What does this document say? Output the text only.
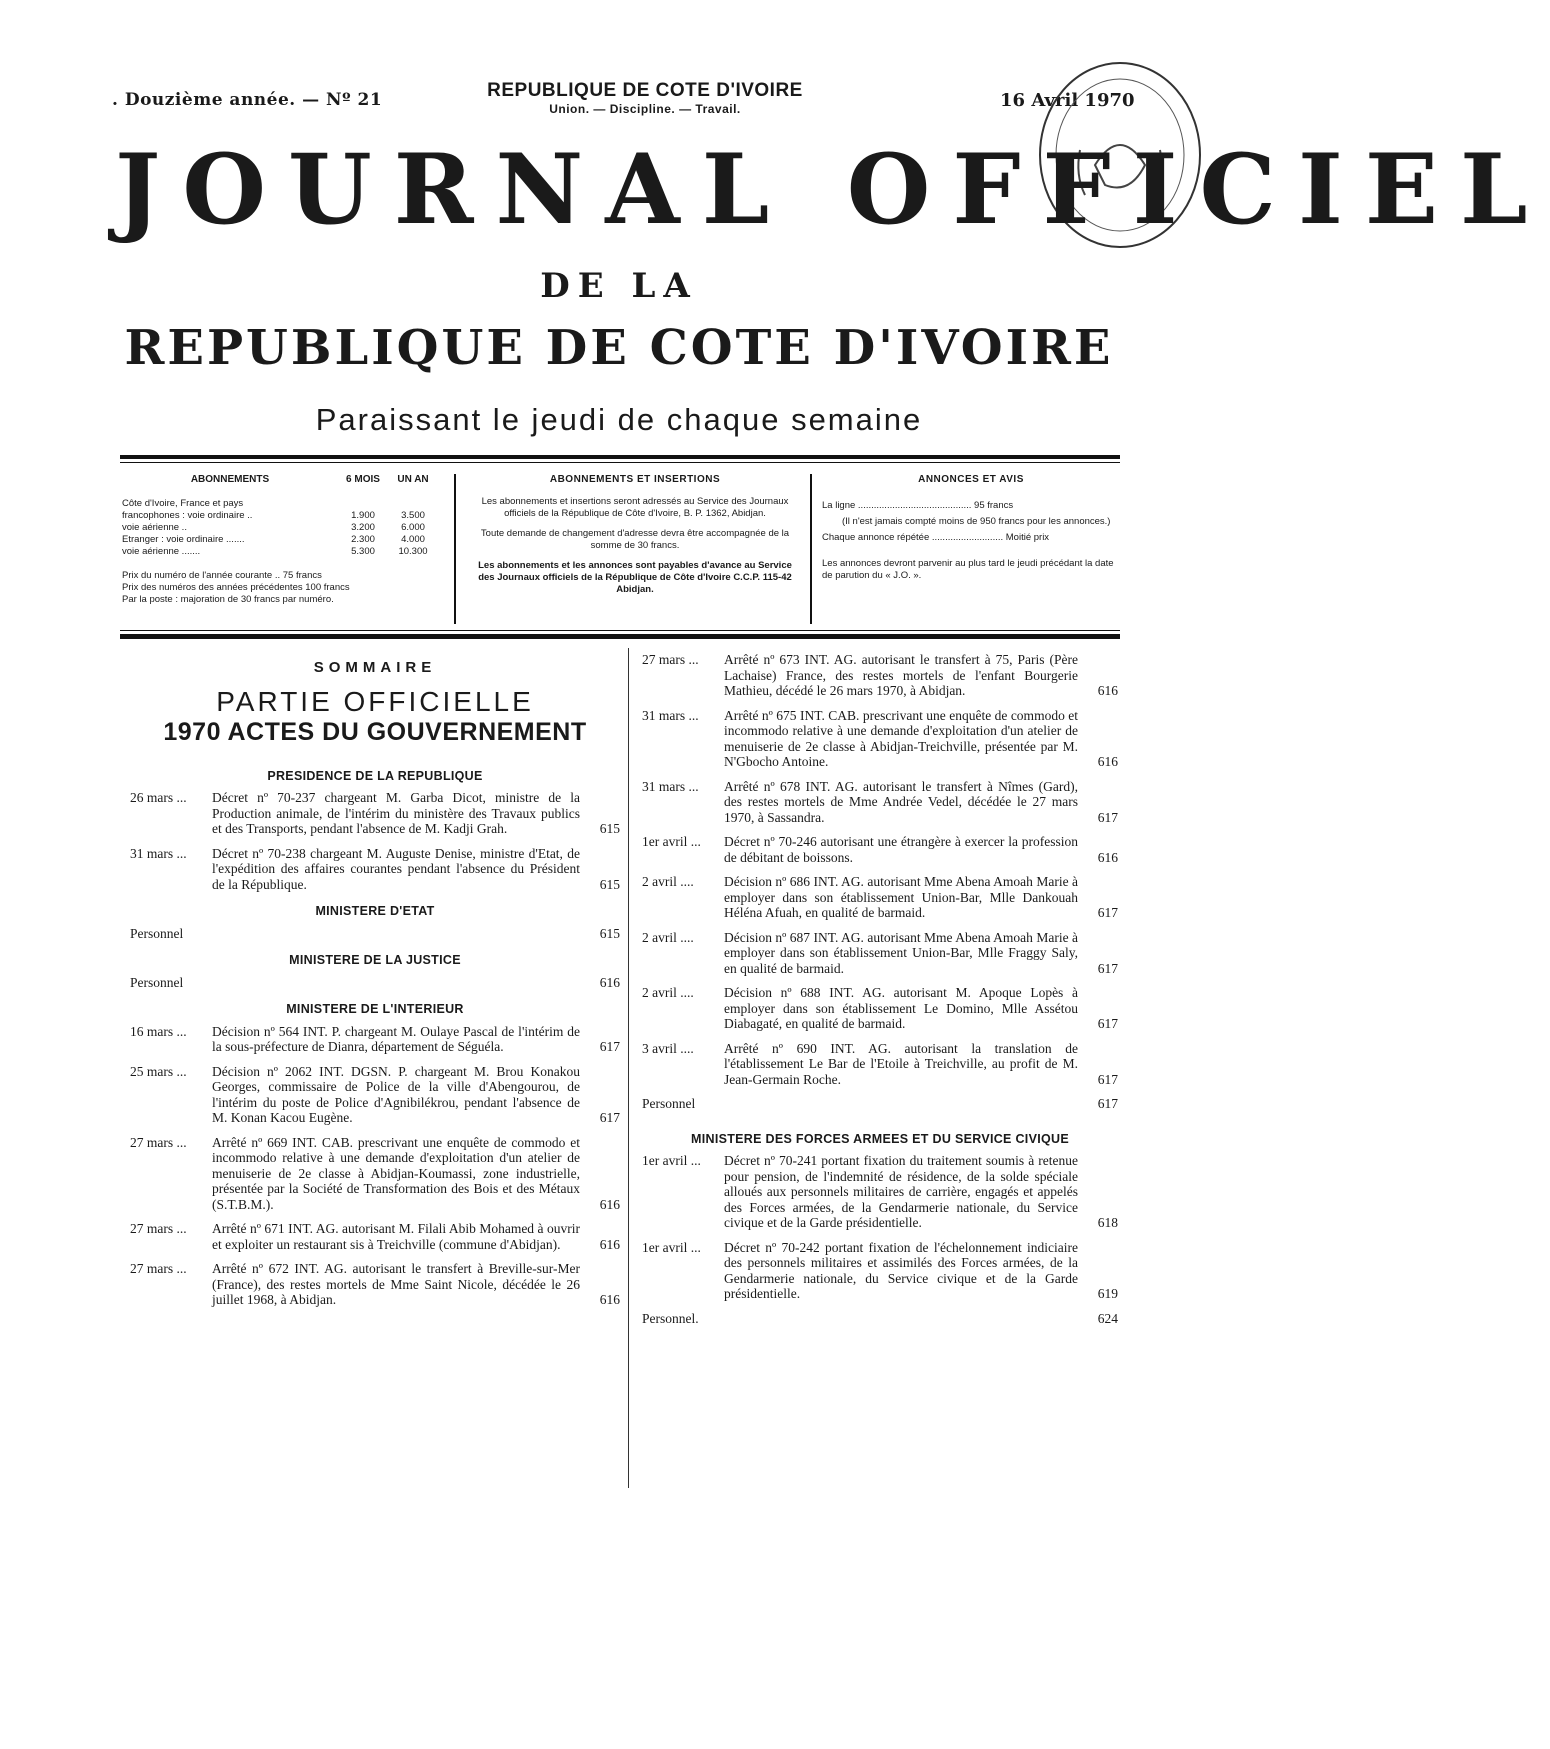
. Douzième année. — Nº 21	REPUBLIQUE DE COTE D'IVOIRE
Union. — Discipline. — Travail.	16 Avril 1970
JOURNAL OFFICIEL
DE LA
REPUBLIQUE DE COTE D'IVOIRE
Paraissant le jeudi de chaque semaine
ABONNEMENTS	6 MOIS	UN AN
Côte d'Ivoire, France et pays
francophones : voie ordinaire ..	1.900	3.500
voie aérienne ..	3.200	6.000
Etranger : voie ordinaire .......	2.300	4.000
voie aérienne .......	5.300	10.300
Prix du numéro de l'année courante .. 75 francs
Prix des numéros des années précédentes 100 francs
Par la poste : majoration de 30 francs par numéro.
ABONNEMENTS ET INSERTIONS
Les abonnements et insertions seront adressés au Service des Journaux officiels de la République de Côte d'Ivoire, B. P. 1362, Abidjan.
Toute demande de changement d'adresse devra être accompagnée de la somme de 30 francs.
Les abonnements et les annonces sont payables d'avance au Service des Journaux officiels de la République de Côte d'Ivoire C.C.P. 115-42 Abidjan.
ANNONCES ET AVIS
La ligne ........................................... 95 francs
(Il n'est jamais compté moins de 950 francs pour les annonces.)
Chaque annonce répétée ........................... Moitié prix
Les annonces devront parvenir au plus tard le jeudi précédant la date de parution du « J.O. ».
SOMMAIRE
PARTIE OFFICIELLE
1970 ACTES DU GOUVERNEMENT
PRESIDENCE DE LA REPUBLIQUE
26 mars ...	Décret nº 70-237 chargeant M. Garba Dicot, ministre de la Production animale, de l'intérim du ministère des Travaux publics et des Transports, pendant l'absence de M. Kadji Grah.	615
31 mars ...	Décret nº 70-238 chargeant M. Auguste Denise, ministre d'Etat, de l'expédition des affaires courantes pendant l'absence du Président de la République.	615
MINISTERE D'ETAT
Personnel	615
MINISTERE DE LA JUSTICE
Personnel	616
MINISTERE DE L'INTERIEUR
16 mars ...	Décision nº 564 INT. P. chargeant M. Oulaye Pascal de l'intérim de la sous-préfecture de Dianra, département de Séguéla.	617
25 mars ...	Décision nº 2062 INT. DGSN. P. chargeant M. Brou Konakou Georges, commissaire de Police de la ville d'Abengourou, de l'intérim du poste de Police d'Agnibilékrou, pendant l'absence de M. Konan Kacou Eugène.	617
27 mars ...	Arrêté nº 669 INT. CAB. prescrivant une enquête de commodo et incommodo relative à une demande d'exploitation d'un atelier de menuiserie de 2e classe à Abidjan-Koumassi, zone industrielle, présentée par la Société de Transformation des Bois et des Métaux (S.T.B.M.).	616
27 mars ...	Arrêté nº 671 INT. AG. autorisant M. Filali Abib Mohamed à ouvrir et exploiter un restaurant sis à Treichville (commune d'Abidjan).	616
27 mars ...	Arrêté nº 672 INT. AG. autorisant le transfert à Breville-sur-Mer (France), des restes mortels de Mme Saint Nicole, décédée le 26 juillet 1968, à Abidjan.	616
27 mars ...	Arrêté nº 673 INT. AG. autorisant le transfert à 75, Paris (Père Lachaise) France, des restes mortels de l'enfant Bourgerie Mathieu, décédé le 26 mars 1970, à Abidjan.	616
31 mars ...	Arrêté nº 675 INT. CAB. prescrivant une enquête de commodo et incommodo relative à une demande d'exploitation d'un atelier de menuiserie de 2e classe à Abidjan-Treichville, présentée par M. N'Gbocho Antoine.	616
31 mars ...	Arrêté nº 678 INT. AG. autorisant le transfert à Nîmes (Gard), des restes mortels de Mme Andrée Vedel, décédée le 27 mars 1970, à Sassandra.	617
1er avril ...	Décret nº 70-246 autorisant une étrangère à exercer la profession de débitant de boissons.	616
2 avril ....	Décision nº 686 INT. AG. autorisant Mme Abena Amoah Marie à employer dans son établissement Union-Bar, Mlle Dankouah Héléna Afuah, en qualité de barmaid.	617
2 avril ....	Décision nº 687 INT. AG. autorisant Mme Abena Amoah Marie à employer dans son établissement Union-Bar, Mlle Fraggy Saly, en qualité de barmaid.	617
2 avril ....	Décision nº 688 INT. AG. autorisant M. Apoque Lopès à employer dans son établissement Le Domino, Mlle Assétou Diabagaté, en qualité de barmaid.	617
3 avril ....	Arrêté nº 690 INT. AG. autorisant la translation de l'établissement Le Bar de l'Etoile à Treichville, au profit de M. Jean-Germain Roche.	617
Personnel	617
MINISTERE DES FORCES ARMEES ET DU SERVICE CIVIQUE
1er avril ...	Décret nº 70-241 portant fixation du traitement soumis à retenue pour pension, de l'indemnité de résidence, de la solde spéciale alloués aux personnels militaires de carrière, engagés et appelés des Forces armées, de la Gendarmerie nationale, du Service civique et de la Garde présidentielle.	618
1er avril ...	Décret nº 70-242 portant fixation de l'échelonnement indiciaire des personnels militaires et assimilés des Forces armées, de la Gendarmerie nationale, du Service civique et de la Garde présidentielle.	619
Personnel.	624
